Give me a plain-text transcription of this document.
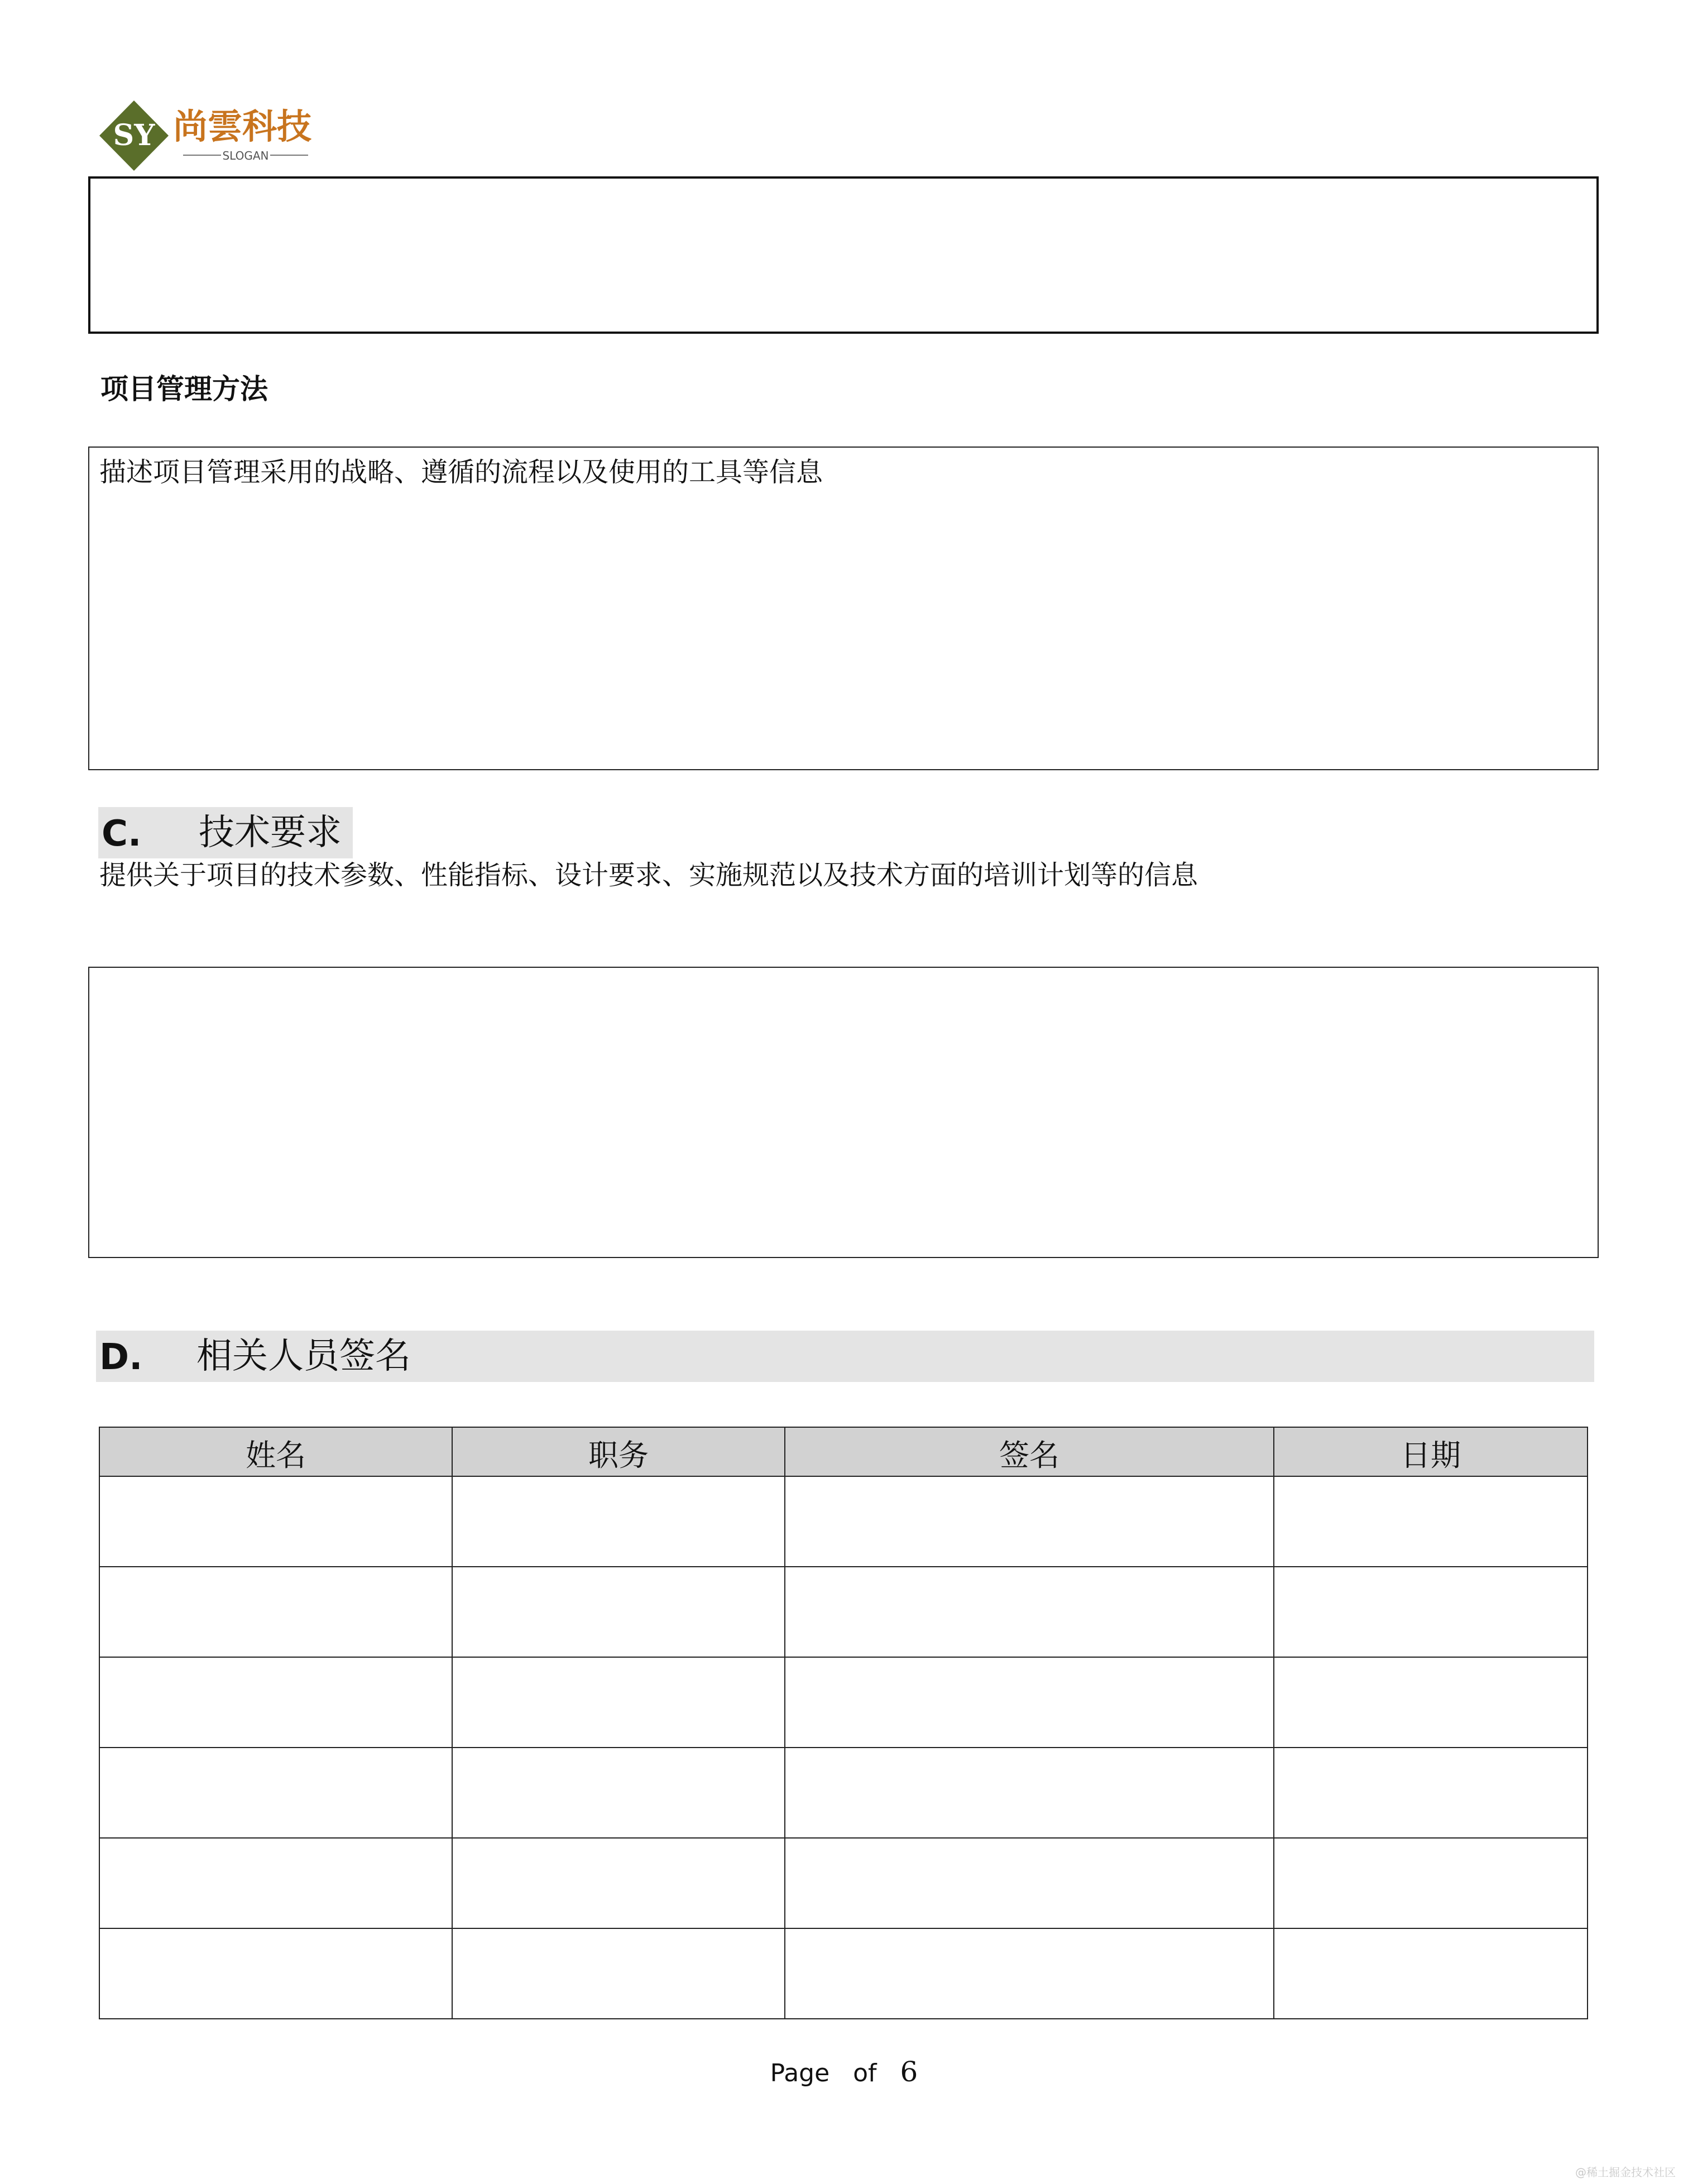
SY 尚雲科技
SLOGAN
项目管理方法
描述项目管理采用的战略、遵循的流程以及使用的工具等信息
C. 技术要求
提供关于项目的技术参数、性能指标、设计要求、实施规范以及技术方面的培训计划等的信息
D. 相关人员签名
姓名	职务	签名	日期

Page of 6
@稀土掘金技术社区
